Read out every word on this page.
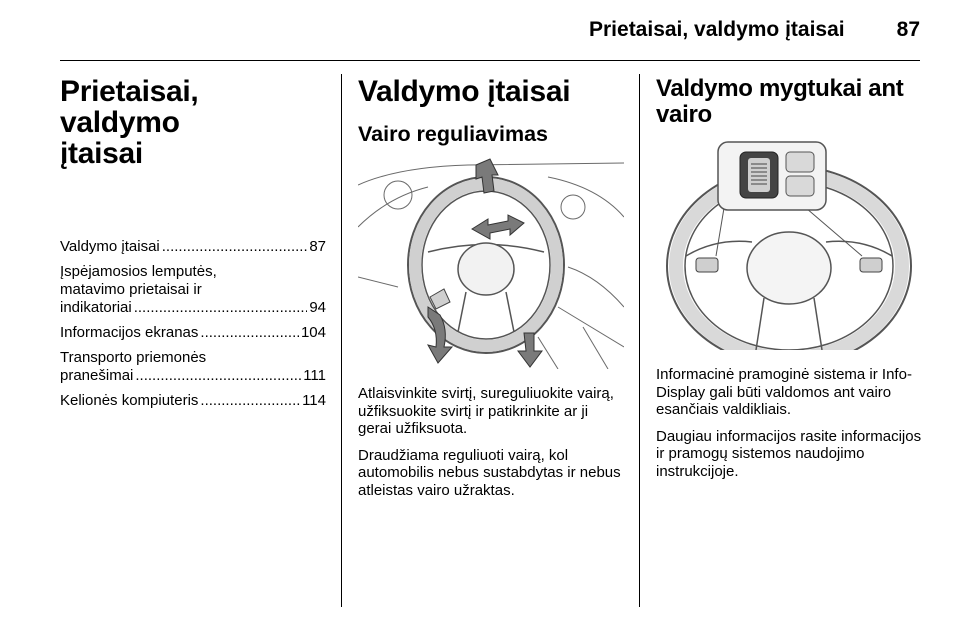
Prietaisai, valdymo įtaisai 87
Prietaisai, valdymo
įtaisai
Valdymo įtaisai .....	87
Įspėjamosios lemputės,
matavimo prietaisai ir
indikatoriai .....	94
Informacijos ekranas .....	104
Transporto priemonės
pranešimai .....	111
Kelionės kompiuteris .....	114
Valdymo įtaisai
Vairo reguliavimas

Atlaisvinkite svirtį, sureguliuokite vairą, užfiksuokite svirtį ir patikrinkite ar ji gerai užfiksuota.

Draudžiama reguliuoti vairą, kol automobilis nebus sustabdytas ir nebus atleistas vairo užraktas.

Valdymo mygtukai ant
vairo

Informacinė pramoginė sistema ir Info-Display gali būti valdomos ant vairo esančiais valdikliais.

Daugiau informacijos rasite informacijos ir pramogų sistemos naudojimo instrukcijoje.
